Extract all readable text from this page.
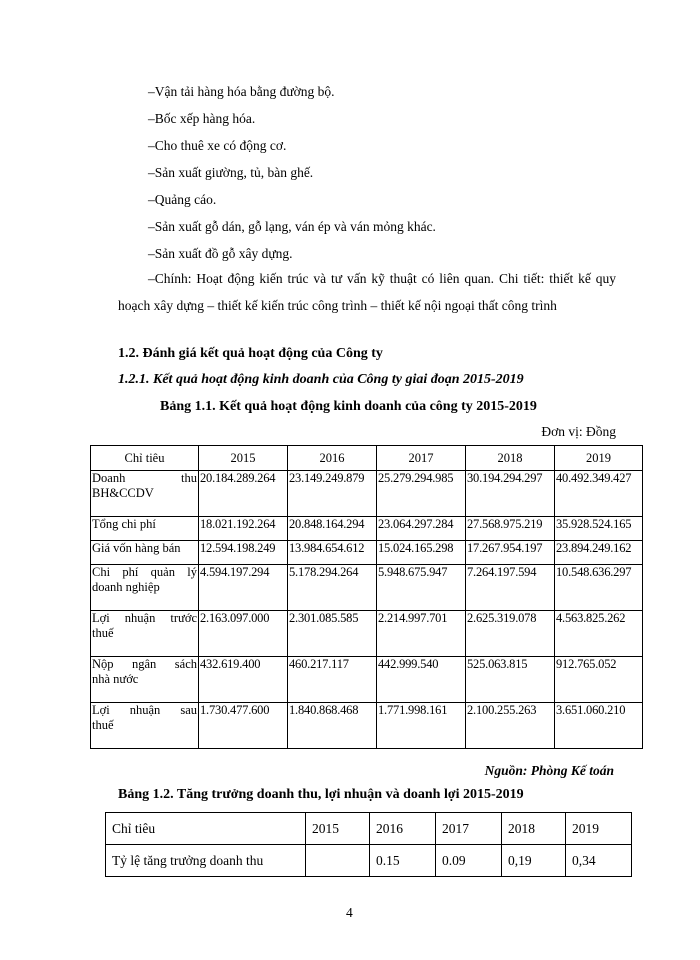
–Vận tải hàng hóa bằng đường bộ.
–Bốc xếp hàng hóa.
–Cho thuê xe có động cơ.
–Sản xuất giường, tủ, bàn ghế.
–Quảng cáo.
–Sản xuất gỗ dán, gỗ lạng, ván ép và ván mỏng khác.
–Sản xuất đồ gỗ xây dựng.
–Chính: Hoạt động kiến trúc và tư vấn kỹ thuật có liên quan. Chi tiết: thiết kế quy hoạch xây dựng – thiết kế kiến trúc công trình – thiết kế nội ngoại thất công trình
1.2. Đánh giá kết quả hoạt động của Công ty
1.2.1. Kết quả hoạt động kinh doanh của Công ty giai đoạn 2015-2019
Bảng 1.1. Kết quả hoạt động kinh doanh của công ty 2015-2019
Đơn vị: Đồng
Chỉ tiêu	2015	2016	2017	2018	2019

Doanh thu
BH&CCDV	20.184.289.264	23.149.249.879	25.279.294.985	30.194.294.297	40.492.349.427
Tổng chi phí	18.021.192.264	20.848.164.294	23.064.297.284	27.568.975.219	35.928.524.165
Giá vốn hàng bán	12.594.198.249	13.984.654.612	15.024.165.298	17.267.954.197	23.894.249.162

Chi phí quản lý
doanh nghiệp	4.594.197.294	5.178.294.264	5.948.675.947	7.264.197.594	10.548.636.297

Lợi nhuận trước
thuế	2.163.097.000	2.301.085.585	2.214.997.701	2.625.319.078	4.563.825.262

Nộp ngân sách
nhà nước	432.619.400	460.217.117	442.999.540	525.063.815	912.765.052

Lợi nhuận sau
thuế	1.730.477.600	1.840.868.468	1.771.998.161	2.100.255.263	3.651.060.210
Nguồn: Phòng Kế toán
Bảng 1.2. Tăng trưởng doanh thu, lợi nhuận và doanh lợi 2015-2019
Chỉ tiêu	2015	2016	2017	2018	2019
Tỷ lệ tăng trưởng doanh thu		0.15	0.09	0,19	0,34
4
